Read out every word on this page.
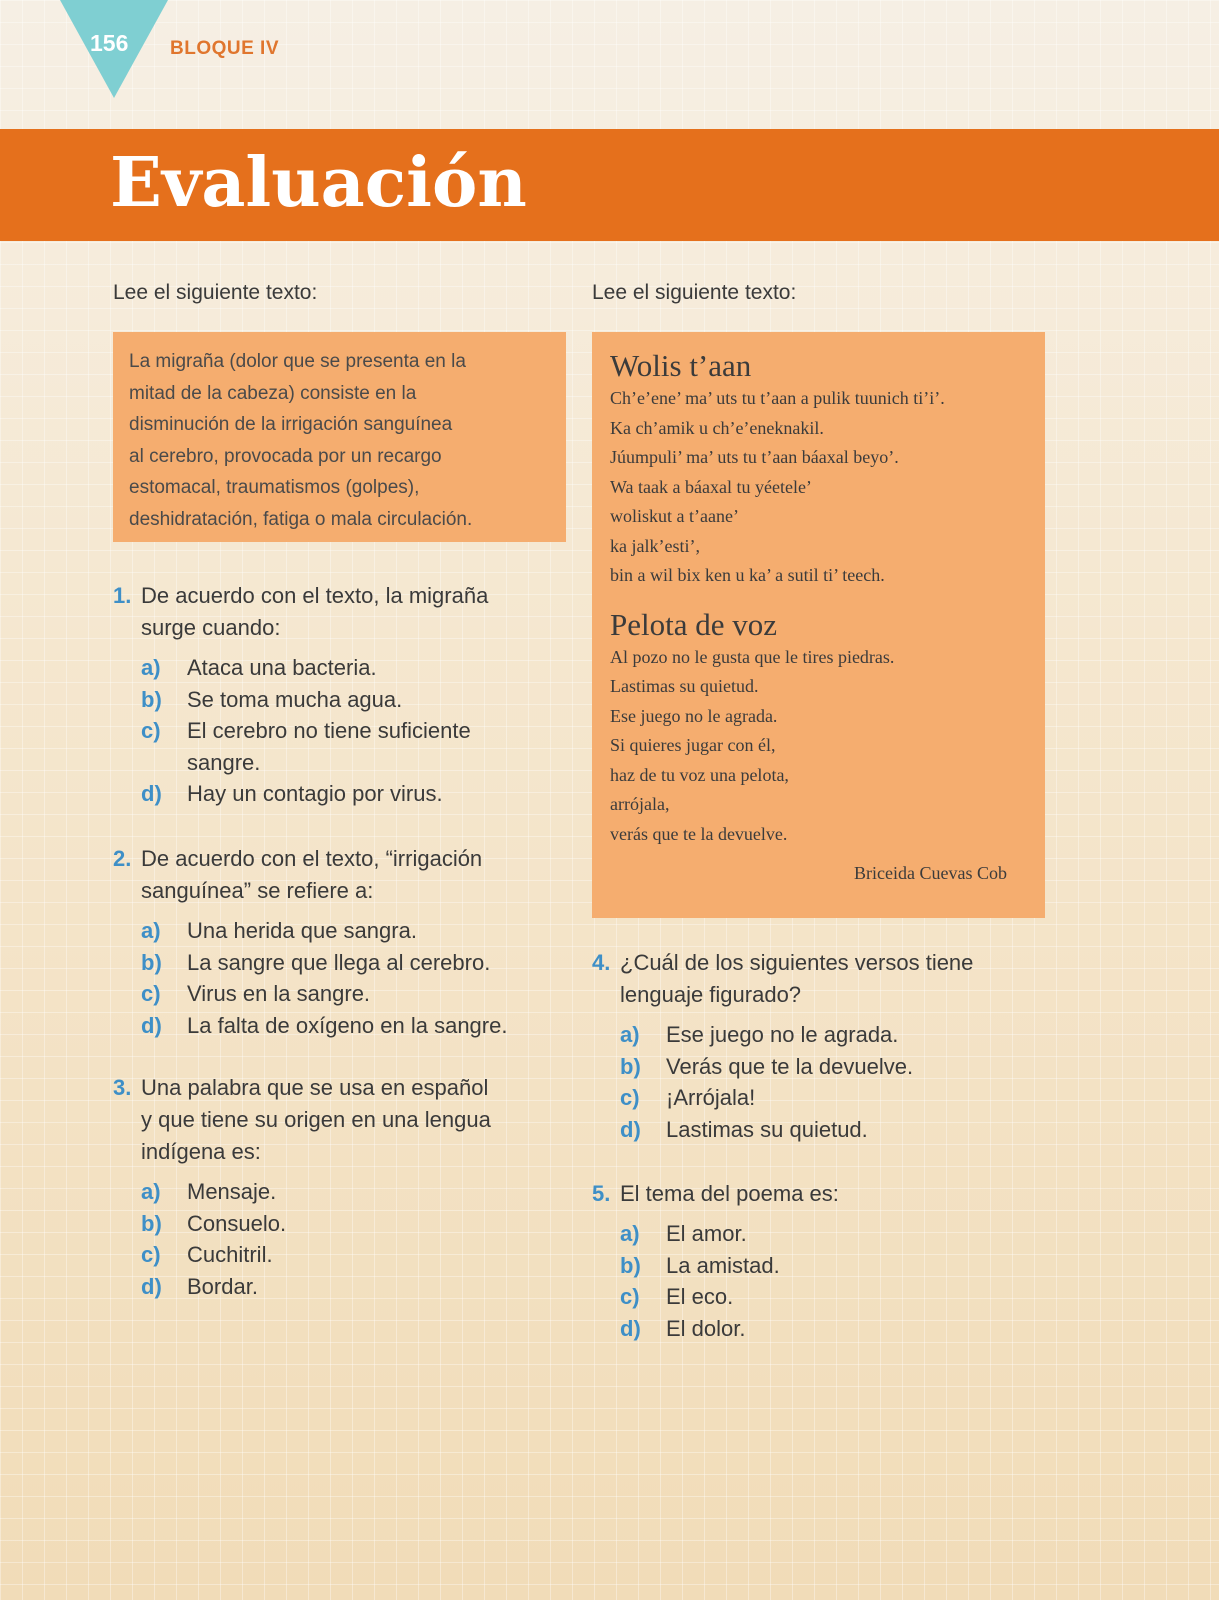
156 BLOQUE IV
Evaluación
Lee el siguiente texto:	Lee el siguiente texto:

La migraña (dolor que se presenta en la

mitad de la cabeza) consiste en la

disminución de la irrigación sanguínea

al cerebro, provocada por un recargo

estomacal, traumatismos (golpes),

deshidratación, fatiga o mala circulación.

Wolis t’aan

Ch’e’ene’ ma’ uts tu t’aan a pulik tuunich ti’i’.

Ka ch’amik u ch’e’eneknakil.

Júumpuli’ ma’ uts tu t’aan báaxal beyo’.

Wa taak a báaxal tu yéetele’

woliskut a t’aane’

ka jalk’esti’,

bin a wil bix ken u ka’ a sutil ti’ teech.

Pelota de voz

Al pozo no le gusta que le tires piedras.

Lastimas su quietud.

Ese juego no le agrada.

Si quieres jugar con él,

haz de tu voz una pelota,

arrójala,

verás que te la devuelve.

Briceida Cuevas Cob
1. De acuerdo con el texto, la migraña
surge cuando:
a) Ataca una bacteria.
b) Se toma mucha agua.
c) El cerebro no tiene suficiente
sangre.
d) Hay un contagio por virus.
2. De acuerdo con el texto, “irrigación
sanguínea” se refiere a:
a) Una herida que sangra.
b) La sangre que llega al cerebro.
c) Virus en la sangre.
d) La falta de oxígeno en la sangre.
3. Una palabra que se usa en español
y que tiene su origen en una lengua
indígena es:
a) Mensaje.
b) Consuelo.
c) Cuchitril.
d) Bordar.
4. ¿Cuál de los siguientes versos tiene
lenguaje figurado?
a) Ese juego no le agrada.
b) Verás que te la devuelve.
c) ¡Arrójala!
d) Lastimas su quietud.
5. El tema del poema es:
a) El amor.
b) La amistad.
c) El eco.
d) El dolor.
